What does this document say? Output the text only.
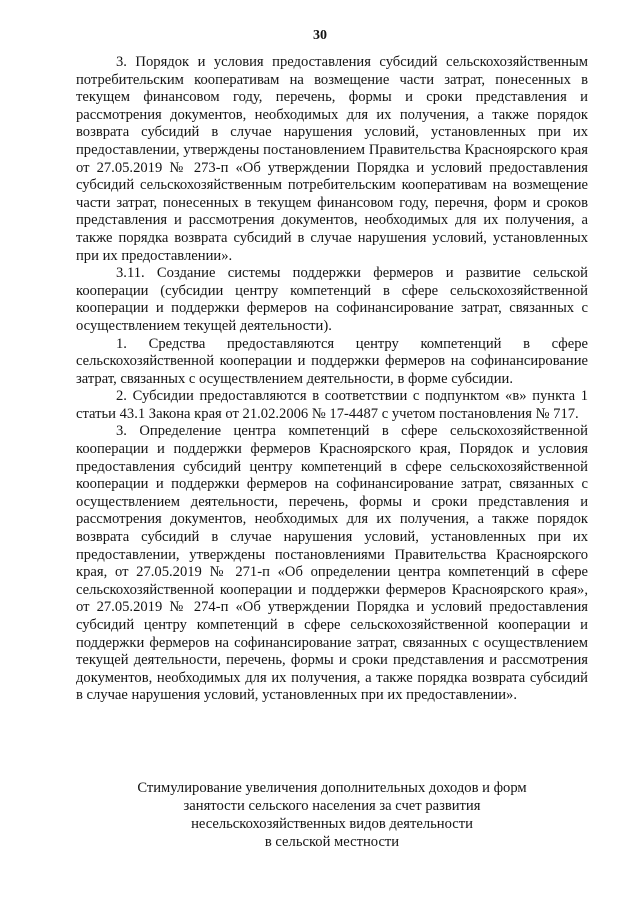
30

3. Порядок и условия предоставления субсидий сельскохозяйственным потребительским кооперативам на возмещение части затрат, понесенных в текущем финансовом году, перечень, формы и сроки представления и рассмотрения документов, необходимых для их получения, а также порядок возврата субсидий в случае нарушения условий, установленных при их предоставлении, утверждены постановлением Правительства Красноярского края от 27.05.2019 № 273-п «Об утверждении Порядка и условий предоставления субсидий сельскохозяйственным потребительским кооперативам на возмещение части затрат, понесенных в текущем финансовом году, перечня, форм и сроков представления и рассмотрения документов, необходимых для их получения, а также порядка возврата субсидий в случае нарушения условий, установленных при их предоставлении».

3.11. Создание системы поддержки фермеров и развитие сельской кооперации (субсидии центру компетенций в сфере сельскохозяйственной кооперации и поддержки фермеров на софинансирование затрат, связанных с осуществлением текущей деятельности).

1. Средства предоставляются центру компетенций в сфере сельскохозяйственной кооперации и поддержки фермеров на софинансирование затрат, связанных с осуществлением деятельности, в форме субсидии.

2. Субсидии предоставляются в соответствии с подпунктом «в» пункта 1 статьи 43.1 Закона края от 21.02.2006 № 17-4487 с учетом постановления № 717.

3. Определение центра компетенций в сфере сельскохозяйственной кооперации и поддержки фермеров Красноярского края, Порядок и условия предоставления субсидий центру компетенций в сфере сельскохозяйственной кооперации и поддержки фермеров на софинансирование затрат, связанных с осуществлением деятельности, перечень, формы и сроки представления и рассмотрения документов, необходимых для их получения, а также порядок возврата субсидий в случае нарушения условий, установленных при их предоставлении, утверждены постановлениями Правительства Красноярского края, от 27.05.2019 № 271-п «Об определении центра компетенций в сфере сельскохозяйственной кооперации и поддержки фермеров Красноярского края», от 27.05.2019 № 274-п «Об утверждении Порядка и условий предоставления субсидий центру компетенций в сфере сельскохозяйственной кооперации и поддержки фермеров на софинансирование затрат, связанных с осуществлением текущей деятельности, перечень, формы и сроки представления и рассмотрения документов, необходимых для их получения, а также порядка возврата субсидий в случае нарушения условий, установленных при их предоставлении».

Стимулирование увеличения дополнительных доходов и форм
занятости сельского населения за счет развития
несельскохозяйственных видов деятельности
в сельской местности
